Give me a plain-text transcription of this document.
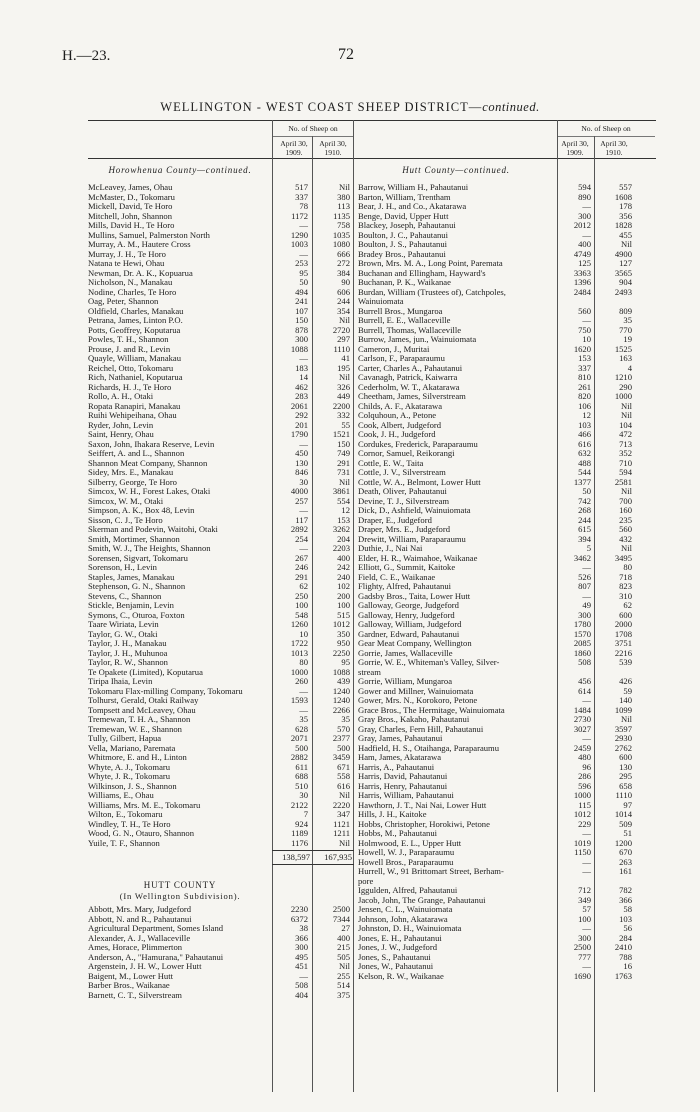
H.—23.	72
WELLINGTON - WEST COAST SHEEP DISTRICT—continued.
No. of Sheep on
April 30, 1909.
April 30, 1910.
No. of Sheep on
April 30, 1909.
April 30, 1910.
Horowhenua County—continued.	Hutt County—continued.
McLeavey, James, Ohau	517	Nil
McMaster, D., Tokomaru	337	380
Mickell, David, Te Horo	78	113
Mitchell, John, Shannon	1172	1135
Mills, David H., Te Horo	—	758
Mullins, Samuel, Palmerston North	1290	1035
Murray, A. M., Hautere Cross	1003	1080
Murray, J. H., Te Horo	—	666
Natana te Hewi, Ohau	253	272
Newman, Dr. A. K., Kopuaruа	95	384
Nicholson, N., Manakau	50	90
Nodine, Charles, Te Horo	494	606
Oag, Peter, Shannon	241	244
Oldfield, Charles, Manakau	107	354
Petrana, James, Linton P.O.	150	Nil
Potts, Geoffrey, Koputarua	878	2720
Powles, T. H., Shannon	300	297
Prouse, J. and R., Levin	1088	1110
Quayle, William, Manakau	—	41
Reichel, Otto, Tokomaru	183	195
Rich, Nathaniel, Koputarua	14	Nil
Richards, H. J., Te Horo	462	326
Rollo, A. H., Otaki	283	449
Ropata Ranapiri, Manakau	2061	2200
Ruihi Wehipeihana, Ohau	292	332
Ryder, John, Levin	201	55
Saint, Henry, Ohau	1790	1521
Saxon, John, Ihakara Reserve, Levin	—	150
Seiffert, A. and L., Shannon	450	749
Shannon Meat Company, Shannon	130	291
Sidey, Mrs. E., Manakau	846	731
Silberry, George, Te Horo	30	Nil
Simcox, W. H., Forest Lakes, Otaki	4000	3861
Simcox, W. M., Otaki	257	554
Simpson, A. K., Box 48, Levin	—	12
Sisson, C. J., Te Horo	117	153
Skerman and Podevin, Waitohi, Otaki	2892	3262
Smith, Mortimer, Shannon	254	204
Smith, W. J., The Heights, Shannon	—	2203
Sorensen, Sigvart, Tokomaru	267	400
Sorenson, H., Levin	246	242
Staples, James, Manakau	291	240
Stephenson, G. N., Shannon	62	102
Stevens, C., Shannon	250	200
Stickle, Benjamin, Levin	100	100
Symons, C., Oturoa, Foxton	548	515
Taare Wiriata, Levin	1260	1012
Taylor, G. W., Otaki	10	350
Taylor, J. H., Manakau	1722	950
Taylor, J. H., Muhunoa	1013	2250
Taylor, R. W., Shannon	80	95
Te Opakete (Limited), Koputarua	1000	1088
Tiripa Ihaia, Levin	260	439
Tokomaru Flax-milling Company, Tokomaru	—	1240
Tolhurst, Gerald, Otaki Railway	1593	1240
Tompsett and McLeavey, Ohau	—	2266
Tremewan, T. H. A., Shannon	35	35
Tremewan, W. E., Shannon	628	570
Tully, Gilbert, Hapua	2071	2377
Vella, Mariano, Paremata	500	500
Whitmore, E. and H., Linton	2882	3459
Whyte, A. J., Tokomaru	611	671
Whyte, J. R., Tokomaru	688	558
Wilkinson, J. S., Shannon	510	616
Williams, E., Ohau	30	Nil
Williams, Mrs. M. E., Tokomaru	2122	2220
Wilton, E., Tokomaru	7	347
Windley, T. H., Te Horo	924	1121
Wood, G. N., Otauro, Shannon	1189	1211
Yuile, T. F., Shannon	1176	Nil
Abbott, Mrs. Mary, Judgeford	2230	2500
Abbott, N. and R., Pahautanui	6372	7344
Agricultural Department, Somes Island	38	27
Alexander, A. J., Wallaceville	366	400
Ames, Horace, Plimmerton	300	215
Anderson, A., "Hamurana," Pahautanui	495	505
Argenstein, J. H. W., Lower Hutt	451	Nil
Baigent, M., Lower Hutt	—	255
Barber Bros., Waikanae	508	514
Barnett, C. T., Silverstream	404	375
Barrow, William H., Pahautanui	594	557
Barton, William, Trentham	890	1608
Bear, J. H., and Co., Akatarawa	—	178
Benge, David, Upper Hutt	300	356
Blackey, Joseph, Pahautanui	2012	1828
Boulton, J. C., Pahautanui	—	455
Boulton, J. S., Pahautanui	400	Nil
Bradey Bros., Pahautanui	4749	4900
Brown, Mrs. M. A., Long Point, Paremata	125	127
Buchanan and Ellingham, Hayward's	3363	3565
Buchanan, P. K., Waikanae	1396	904
Burdan, William (Trustees of), Catchpoles,	2484	2493
Wainuiomata
Burrell Bros., Mungaroa	560	809
Burrell, E. E., Wallaceville	—	35
Burrell, Thomas, Wallaceville	750	770
Burrow, James, jun., Wainuiomata	10	19
Cameron, J., Muritai	1620	1525
Carlson, F., Paraparaumu	153	163
Carter, Charles A., Pahautanui	337	4
Cavanagh, Patrick, Kaiwarra	810	1210
Cederholm, W. T., Akatarawa	261	290
Cheetham, James, Silverstream	820	1000
Childs, A. F., Akatarawa	106	Nil
Colquhoun, A., Petone	12	Nil
Cook, Albert, Judgeford	103	104
Cook, J. H., Judgeford	466	472
Cordukes, Frederick, Paraparaumu	616	713
Cornor, Samuel, Reikorangi	632	352
Cottle, E. W., Taita	488	710
Cottle, J. V., Silverstream	544	594
Cottle, W. A., Belmont, Lower Hutt	1377	2581
Death, Oliver, Pahautanui	50	Nil
Devine, T. J., Silverstream	742	700
Dick, D., Ashfield, Wainuiomata	268	160
Draper, E., Judgeford	244	235
Draper, Mrs. E., Judgeford	615	560
Drewitt, William, Paraparaumu	394	432
Duthie, J., Nai Nai	5	Nil
Elder, H. R., Waimahoe, Waikanae	3462	3495
Elliott, G., Summit, Kaitoke	—	80
Field, C. E., Waikanae	526	718
Flighty, Alfred, Pahautanui	807	823
Gadsby Bros., Taita, Lower Hutt	—	310
Galloway, George, Judgeford	49	62
Galloway, Henry, Judgeford	300	600
Galloway, William, Judgeford	1780	2000
Gardner, Edward, Pahautanui	1570	1708
Gear Meat Company, Wellington	2085	3751
Gorrie, James, Wallaceville	1860	2216
Gorrie, W. E., Whiteman's Valley, Silver-	508	539
stream
Gorrie, William, Mungaroa	456	426
Gower and Millner, Wainuiomata	614	59
Gower, Mrs. N., Korokoro, Petone	—	140
Grace Bros., The Hermitage, Wainuiomata	1484	1099
Gray Bros., Kakaho, Pahautanui	2730	Nil
Gray, Charles, Fern Hill, Pahautanui	3027	3597
Gray, James, Pahautanui	—	2930
Hadfield, H. S., Otaihanga, Paraparaumu	2459	2762
Ham, James, Akatarawa	480	600
Harris, A., Pahautanui	96	130
Harris, David, Pahautanui	286	295
Harris, Henry, Pahautanui	596	658
Harris, William, Pahautanui	1000	1110
Hawthorn, J. T., Nai Nai, Lower Hutt	115	97
Hills, J. H., Kaitoke	1012	1014
Hobbs, Christopher, Horokiwi, Petone	229	509
Hobbs, M., Pahautanui	—	51
Holmwood, E. L., Upper Hutt	1019	1200
Howell, W. J., Paraparaumu	1150	670
Howell Bros., Paraparaumu	—	263
Hurrell, W., 91 Brittomart Street, Berham-	—	161
pore
Iggulden, Alfred, Pahautanui	712	782
Jacob, John, The Grange, Pahautanui	349	366
Jensen, C. L., Wainuiomata	57	58
Johnson, John, Akatarawa	100	103
Johnston, D. H., Wainuiomata	—	56
Jones, E. H., Pahautanui	300	284
Jones, J. W., Judgeford	2500	2410
Jones, S., Pahautanui	777	788
Jones, W., Pahautanui	—	16
Kelson, R. W., Waikanae	1690	1763
138,597	167,935
HUTT COUNTY
(In Wellington Subdivision).
